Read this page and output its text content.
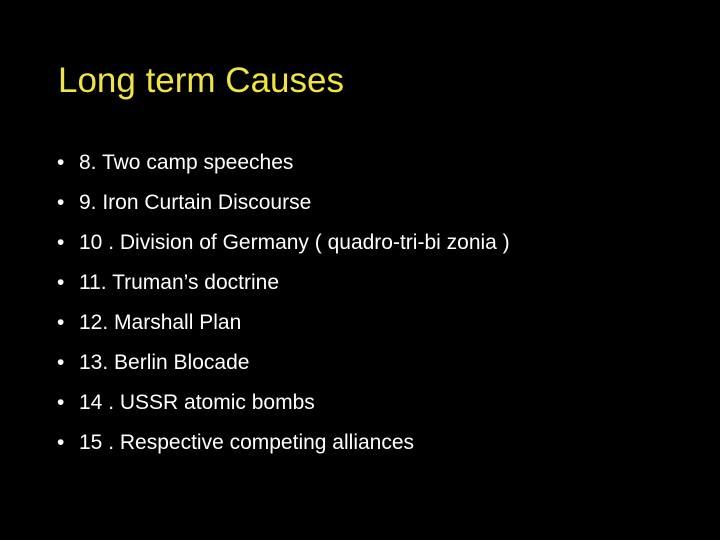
Long term Causes
• 8. Two camp speeches
• 9. Iron Curtain Discourse
• 10 . Division of Germany ( quadro-tri-bi zonia )
• 11. Truman’s doctrine
• 12. Marshall Plan
• 13. Berlin Blocade
• 14 . USSR atomic bombs
• 15 . Respective competing alliances
